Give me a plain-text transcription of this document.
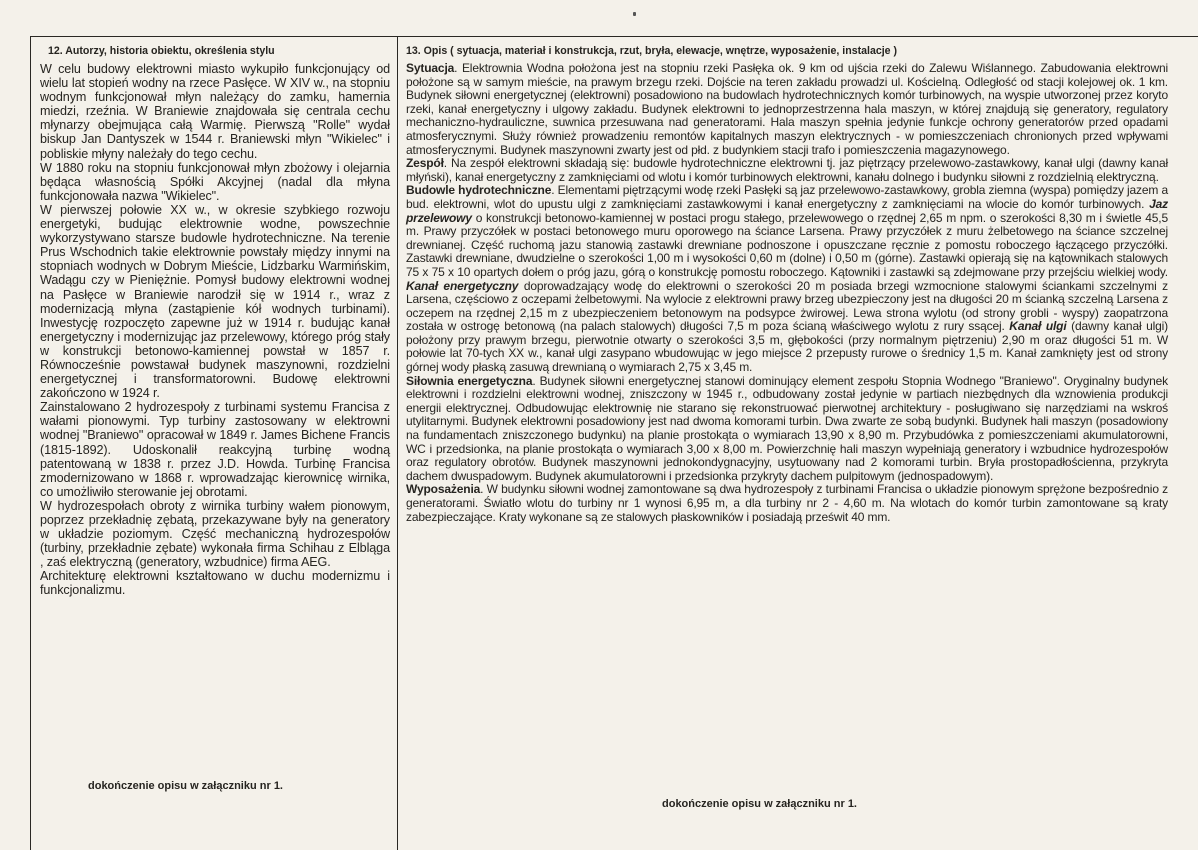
12. Autorzy, historia obiektu, określenia stylu

W celu budowy elektrowni miasto wykupiło funkcjonujący od wielu lat stopień wodny na rzece Pasłęce. W XIV w., na stopniu wodnym funkcjonował młyn należący do zamku, hamernia miedzi, rzeźnia. W Braniewie znajdowała się centrala cechu młynarzy obejmująca całą Warmię. Pierwszą "Rolle" wydał biskup Jan Dantyszek w 1544 r. Braniewski młyn "Wikielec" i pobliskie młyny należały do tego cechu.

W 1880 roku na stopniu funkcjonował młyn zbożowy i olejarnia będąca własnością Spółki Akcyjnej (nadal dla młyna funkcjonowała nazwa "Wikielec".

W pierwszej połowie XX w., w okresie szybkiego rozwoju energetyki, budując elektrownie wodne, powszechnie wykorzystywano starsze budowle hydrotechniczne. Na terenie Prus Wschodnich takie elektrownie powstały między innymi na stopniach wodnych w Dobrym Mieście, Lidzbarku Warmińskim, Wadągu czy w Pieniężnie. Pomysł budowy elektrowni wodnej na Pasłęce w Braniewie narodził się w 1914 r., wraz z modernizacją młyna (zastąpienie kół wodnych turbinami). Inwestycję rozpoczęto zapewne już w 1914 r. budując kanał energetyczny i modernizując jaz przelewowy, którego próg stały w konstrukcji betonowo-kamiennej powstał w 1857 r. Równocześnie powstawał budynek maszynowni, rozdzielni energetycznej i transformatorowni. Budowę elektrowni zakończono w 1924 r.

Zainstalowano 2 hydrozespoły z turbinami systemu Francisa z wałami pionowymi. Typ turbiny zastosowany w elektrowni wodnej "Braniewo" opracował w 1849 r. James Bichene Francis (1815-1892). Udoskonalił reakcyjną turbinę wodną patentowaną w 1838 r. przez J.D. Howda. Turbinę Francisa zmodernizowano w 1868 r. wprowadzając kierownicę wirnika, co umożliwiło sterowanie jej obrotami.

W hydrozespołach obroty z wirnika turbiny wałem pionowym, poprzez przekładnię zębatą, przekazywane były na generatory w układzie poziomym. Część mechaniczną hydrozespołów (turbiny, przekładnie zębate) wykonała firma Schihau z Elbląga , zaś elektryczną (generatory, wzbudnice) firma AEG.

Architekturę elektrowni kształtowano w duchu modernizmu i funkcjonalizmu.

dokończenie opisu w załączniku nr 1.
13. Opis ( sytuacja, materiał i konstrukcja, rzut, bryła, elewacje, wnętrze, wyposażenie, instalacje )

Sytuacja. Elektrownia Wodna położona jest na stopniu rzeki Pasłęka ok. 9 km od ujścia rzeki do Zalewu Wiślannego. Zabudowania elektrowni położone są w samym mieście, na prawym brzegu rzeki. Dojście na teren zakładu prowadzi ul. Kościelną. Odległość od stacji kolejowej ok. 1 km. Budynek siłowni energetycznej (elektrowni) posadowiono na budowlach hydrotechnicznych komór turbinowych, na wyspie utworzonej przez koryto rzeki, kanał energetyczny i ulgowy zakładu. Budynek elektrowni to jednoprzestrzenna hala maszyn, w której znajdują się generatory, regulatory mechaniczno-hydrauliczne, suwnica przesuwana nad generatorami. Hala maszyn spełnia jedynie funkcje ochrony generatorów przed opadami atmosferycznymi. Służy również prowadzeniu remontów kapitalnych maszyn elektrycznych - w pomieszczeniach chronionych przed wpływami atmosferycznymi. Budynek maszynowni zwarty jest od płd. z budynkiem stacji trafo i pomieszczenia magazynowego.

Zespół. Na zespół elektrowni składają się: budowle hydrotechniczne elektrowni tj. jaz piętrzący przelewowo-zastawkowy, kanał ulgi (dawny kanał młyński), kanał energetyczny z zamknięciami od wlotu i komór turbinowych elektrowni, kanału dolnego i budynku siłowni z rozdzielnią elektryczną.

Budowle hydrotechniczne. Elementami piętrzącymi wodę rzeki Pasłęki są jaz przelewowo-zastawkowy, grobla ziemna (wyspa) pomiędzy jazem a bud. elektrowni, wlot do upustu ulgi z zamknięciami zastawkowymi i kanał energetyczny z zamknięciami na wlocie do komór turbinowych. Jaz przelewowy o konstrukcji betonowo-kamiennej w postaci progu stałego, przelewowego o rzędnej 2,65 m npm. o szerokości 8,30 m i świetle 45,5 m. Prawy przyczółek w postaci betonowego muru oporowego na ściance Larsena. Prawy przyczółek z muru żelbetowego na ściance szczelnej drewnianej. Część ruchomą jazu stanowią zastawki drewniane podnoszone i opuszczane ręcznie z pomostu roboczego łączącego przyczółki. Zastawki drewniane, dwudzielne o szerokości 1,00 m i wysokości 0,60 m (dolne) i 0,50 m (górne). Zastawki opierają się na kątownikach stalowych 75 x 75 x 10 opartych dołem o próg jazu, górą o konstrukcję pomostu roboczego. Kątowniki i zastawki są zdejmowane przy przejściu wielkiej wody. Kanał energetyczny doprowadzający wodę do elektrowni o szerokości 20 m posiada brzegi wzmocnione stalowymi ściankami szczelnymi z Larsena, częściowo z oczepami żelbetowymi. Na wylocie z elektrowni prawy brzeg ubezpieczony jest na długości 20 m ścianką szczelną Larsena z oczepem na rzędnej 2,15 m z ubezpieczeniem betonowym na podsypce żwirowej. Lewa strona wylotu (od strony grobli - wyspy) zaopatrzona została w ostrogę betonową (na palach stalowych) długości 7,5 m poza ścianą właściwego wylotu z rury ssącej. Kanał ulgi (dawny kanał ulgi) położony przy prawym brzegu, pierwotnie otwarty o szerokości 3,5 m, głębokości (przy normalnym piętrzeniu) 2,90 m oraz długości 51 m. W połowie lat 70-tych XX w., kanał ulgi zasypano wbudowując w jego miejsce 2 przepusty rurowe o średnicy 1,5 m. Kanał zamknięty jest od strony górnej wody płaską zasuwą drewnianą o wymiarach 2,75 x 3,45 m.

Siłownia energetyczna. Budynek siłowni energetycznej stanowi dominujący element zespołu Stopnia Wodnego "Braniewo". Oryginalny budynek elektrowni i rozdzielni elektrowni wodnej, zniszczony w 1945 r., odbudowany został jedynie w partiach niezbędnych dla wznowienia produkcji energii elektrycznej. Odbudowując elektrownię nie starano się rekonstruować pierwotnej architektury - posługiwano się narzędziami na wskroś utylitarnymi. Budynek elektrowni posadowiony jest nad dwoma komorami turbin. Dwa zwarte ze sobą budynki. Budynek hali maszyn (posadowiony na fundamentach zniszczonego budynku) na planie prostokąta o wymiarach 13,90 x 8,90 m. Przybudówka z pomieszczeniami akumulatorowni, WC i przedsionka, na planie prostokąta o wymiarach 3,00 x 8,00 m. Powierzchnię hali maszyn wypełniają generatory i wzbudnice hydrozespołów oraz regulatory obrotów. Budynek maszynowni jednokondygnacyjny, usytuowany nad 2 komorami turbin. Bryła prostopadłościenna, przykryta dachem dwuspadowym. Budynek akumulatorowni i przedsionka przykryty dachem pulpitowym (jednospadowym).

Wyposażenia. W budynku siłowni wodnej zamontowane są dwa hydrozespoły z turbinami Francisa o układzie pionowym sprężone bezpośrednio z generatorami. Światło wlotu do turbiny nr 1 wynosi 6,95 m, a dla turbiny nr 2 - 4,60 m. Na wlotach do komór turbin zamontowane są kraty zabezpieczające. Kraty wykonane są ze stalowych płaskowników i posiadają prześwit 40 mm.

dokończenie opisu w załączniku nr 1.
